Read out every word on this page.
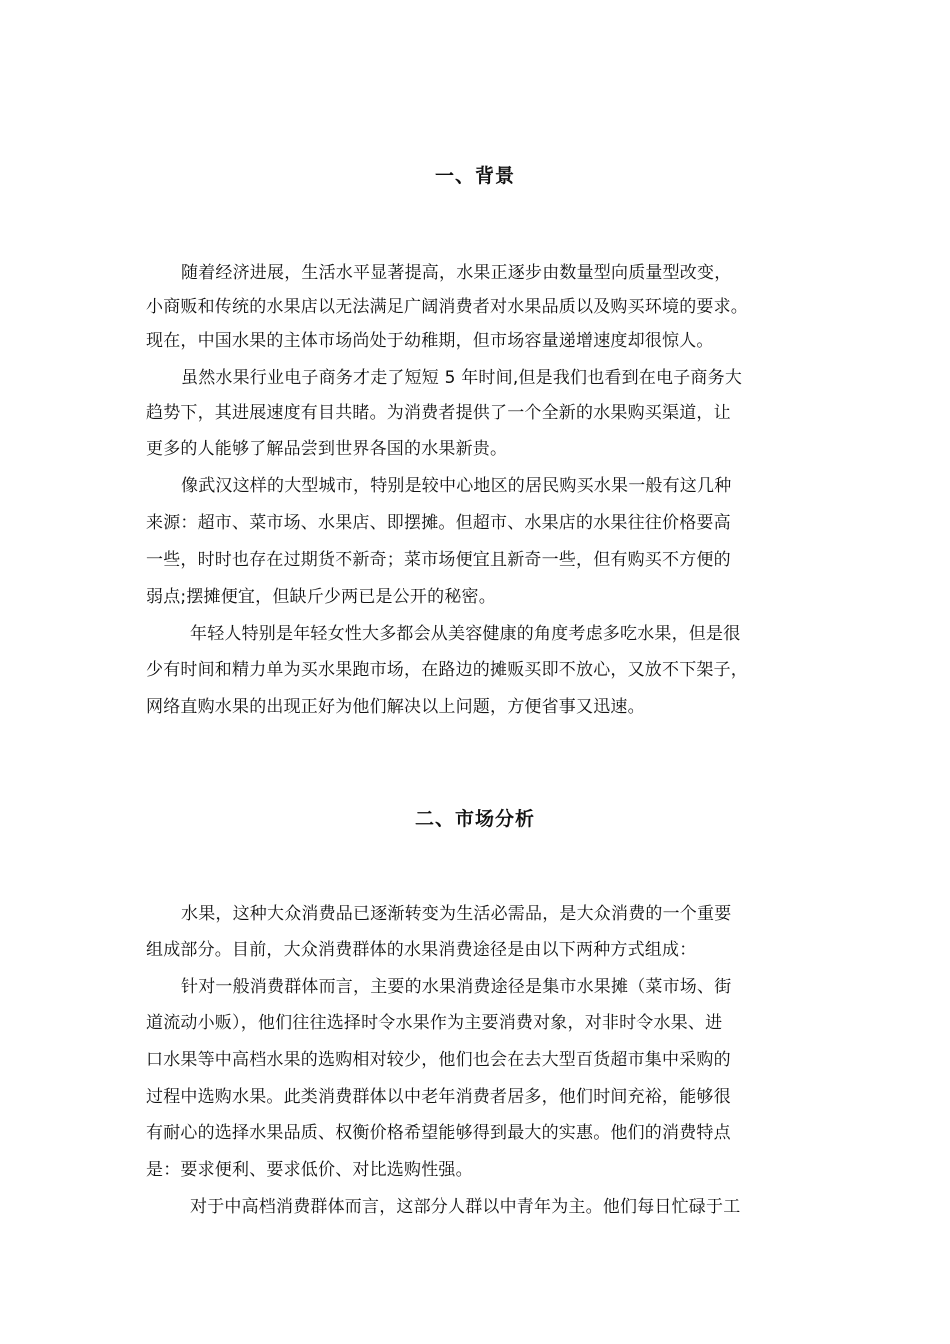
一、背景
随着经济进展，生活水平显著提高，水果正逐步由数量型向质量型改变，
小商贩和传统的水果店以无法满足广阔消费者对水果品质以及购买环境的要求。
现在，中国水果的主体市场尚处于幼稚期，但市场容量递增速度却很惊人。
虽然水果行业电子商务才走了短短 5 年时间,但是我们也看到在电子商务大
趋势下，其进展速度有目共睹。为消费者提供了一个全新的水果购买渠道，让
更多的人能够了解品尝到世界各国的水果新贵。
像武汉这样的大型城市，特别是较中心地区的居民购买水果一般有这几种
来源：超市、菜市场、水果店、即摆摊。但超市、水果店的水果往往价格要高
一些，时时也存在过期货不新奇；菜市场便宜且新奇一些，但有购买不方便的
弱点;摆摊便宜，但缺斤少两已是公开的秘密。
年轻人特别是年轻女性大多都会从美容健康的角度考虑多吃水果，但是很
少有时间和精力单为买水果跑市场，在路边的摊贩买即不放心，又放不下架子，
网络直购水果的出现正好为他们解决以上问题，方便省事又迅速。
二、市场分析
水果，这种大众消费品已逐渐转变为生活必需品，是大众消费的一个重要
组成部分。目前，大众消费群体的水果消费途径是由以下两种方式组成：
针对一般消费群体而言，主要的水果消费途径是集市水果摊（菜市场、街
道流动小贩），他们往往选择时令水果作为主要消费对象，对非时令水果、进
口水果等中高档水果的选购相对较少，他们也会在去大型百货超市集中采购的
过程中选购水果。此类消费群体以中老年消费者居多，他们时间充裕，能够很
有耐心的选择水果品质、权衡价格希望能够得到最大的实惠。他们的消费特点
是：要求便利、要求低价、对比选购性强。
对于中高档消费群体而言，这部分人群以中青年为主。他们每日忙碌于工
